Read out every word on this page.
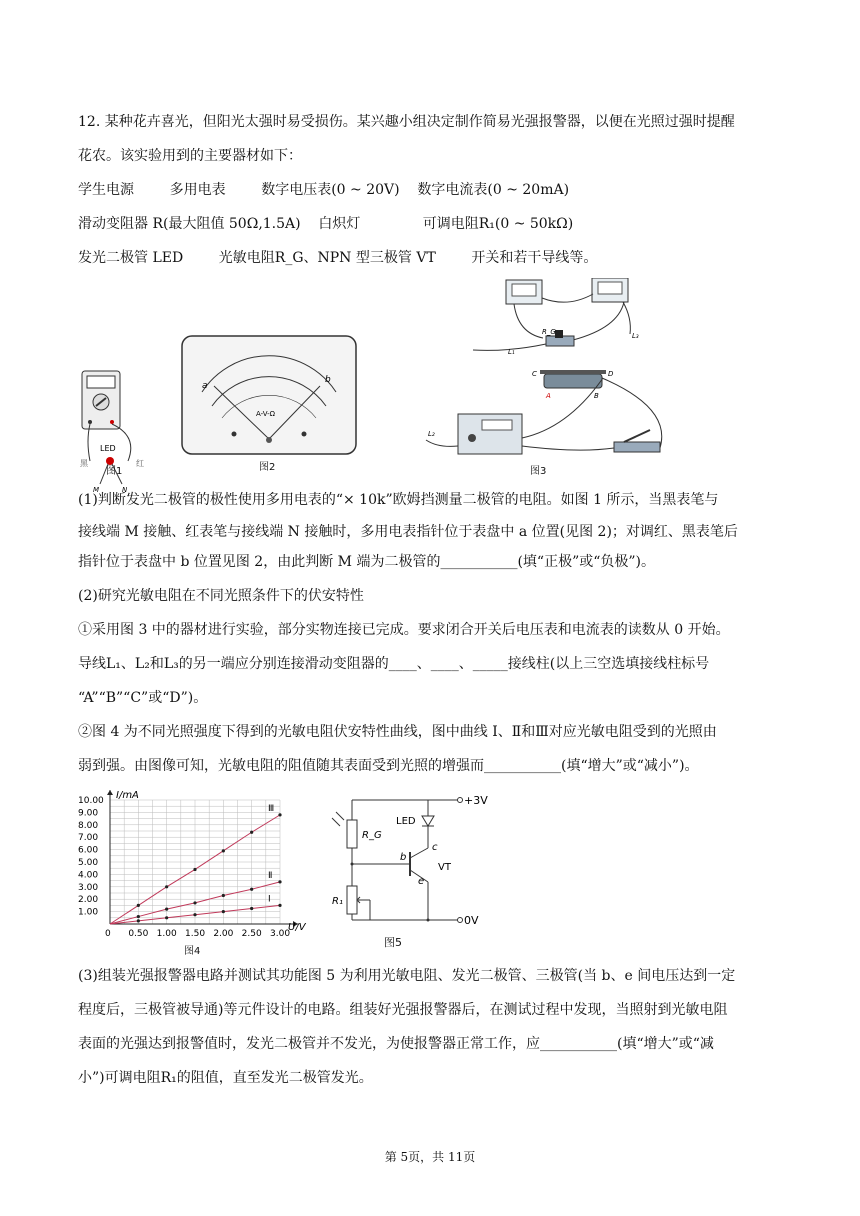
12. 某种花卉喜光，但阳光太强时易受损伤。某兴趣小组决定制作简易光强报警器，以便在光照过强时提醒
花农。该实验用到的主要器材如下：
学生电源        多用电表        数字电压表(0 ~ 20V)    数字电流表(0 ~ 20mA)
滑动变阻器 R(最大阻值 50Ω,1.5A)    白炽灯              可调电阻R₁(0 ~ 50kΩ)
发光二极管 LED        光敏电阻R_G、NPN 型三极管 VT        开关和若干导线等。
LED
黑	红
M	N
图1
a
b
A-V-Ω
图2
R_G
L₁
L₃
C	D
A	B
L₂
图3
(1)判断发光二极管的极性使用多用电表的“× 10k”欧姆挡测量二极管的电阻。如图 1 所示，当黑表笔与
接线端 M 接触、红表笔与接线端 N 接触时，多用电表指针位于表盘中 a 位置(见图 2)；对调红、黑表笔后
指针位于表盘中 b 位置见图 2，由此判断 M 端为二极管的___________(填“正极”或“负极”)。
(2)研究光敏电阻在不同光照条件下的伏安特性
①采用图 3 中的器材进行实验，部分实物连接已完成。要求闭合开关后电压表和电流表的读数从 0 开始。
导线L₁、L₂和L₃的另一端应分别连接滑动变阻器的____、____、_____接线柱(以上三空选填接线柱标号
“A”“B”“C”或“D”)。
②图 4 为不同光照强度下得到的光敏电阻伏安特性曲线，图中曲线 Ⅰ、Ⅱ和Ⅲ对应光敏电阻受到的光照由
弱到强。由图像可知，光敏电阻的阻值随其表面受到光照的增强而___________(填“增大”或“减小”)。
0.50 1.00 1.50 2.00 2.50 3.00
1.00
2.00
3.00
4.00
5.00
6.00
7.00
8.00
9.00
10.00
Ⅲ
Ⅱ
Ⅰ
I/mA
U/V
0
图4
+3V
R_G
R₁
0V
LED
b
c
e
VT
图5
(3)组装光强报警器电路并测试其功能图 5 为利用光敏电阻、发光二极管、三极管(当 b、e 间电压达到一定
程度后，三极管被导通)等元件设计的电路。组装好光强报警器后，在测试过程中发现，当照射到光敏电阻
表面的光强达到报警值时，发光二极管并不发光，为使报警器正常工作，应___________(填“增大”或“减
小”)可调电阻R₁的阻值，直至发光二极管发光。
第 5页，共 11页
